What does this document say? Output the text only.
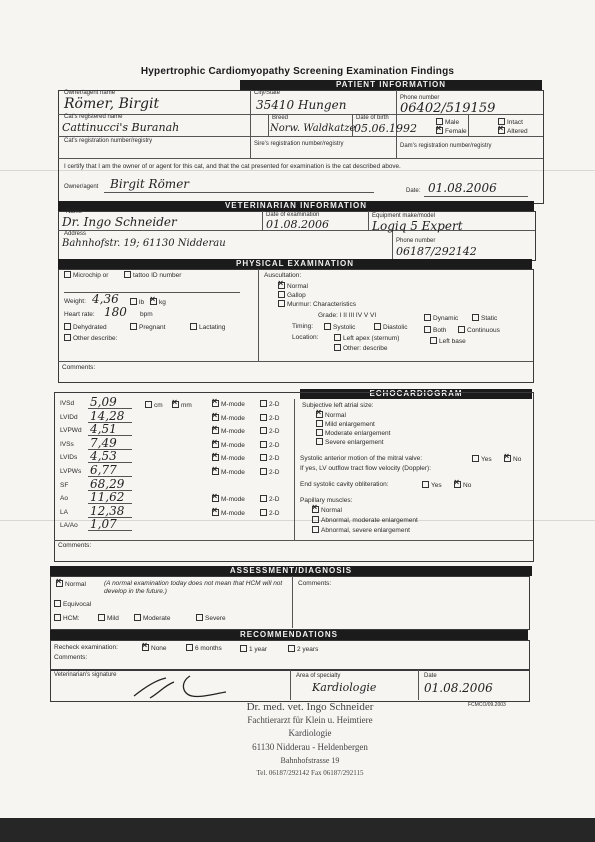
Hypertrophic Cardiomyopathy Screening Examination Findings
PATIENT INFORMATION
Owner/agent name
Römer, Birgit
City/State
35410 Hungen	Phone number
06402/519159
Cat's registered name
Cattinucci's Buranah
Breed
Norw. Waldkatze
Date of birth
05.06.1992	Male
×Female
Intact
×Altered
Cat's registration number/registry	Sire's registration number/registry	Dam's registration number/registry
I certify that I am the owner of or agent for this cat, and that the cat presented for examination is the cat described above.
Owner/agent Birgit Römer	Date: 01.08.2006
VETERINARIAN INFORMATION
Name
Dr. Ingo Schneider	Date of examination
01.08.2006
Equipment make/model
Logiq 5 Expert
Address
Bahnhofstr. 19; 61130 Nidderau	Phone number
06187/292142
PHYSICAL EXAMINATION
Microchip or	tattoo ID number
Weight: 4,36	lb ×	kg
Heart rate: 180 bpm
Dehydrated	Pregnant	Lactating
Other describe:
Auscultation:
×Normal
Gallop
Murmur: Characteristics
Grade: I II III IV V VI	Dynamic	Static
Timing:	Systolic	Diastolic	Both	Continuous
Location:	Left apex (sternum)	Left base
Other: describe
Comments:
ECHOCARDIOGRAM
cm ×	mm
IVSd 5,09 ×	M-mode	2-D
LVIDd 14,28 ×	M-mode	2-D
LVPWd 4,51 ×	M-mode	2-D
IVSs 7,49 ×	M-mode	2-D
LVIDs 4,53 ×	M-mode	2-D
LVPWs 6,77 ×	M-mode	2-D
SF 68,29
Ao 11,62 ×	M-mode	2-D
LA 12,38 ×	M-mode	2-D
LA/Ao 1,07
Subjective left atrial size:
×Normal
Mild enlargement
Moderate enlargement
Severe enlargement
Systolic anterior motion of the mitral valve:	Yes ×	No
If yes, LV outflow tract flow velocity (Doppler):
End systolic cavity obliteration:	Yes ×	No
Papillary muscles:
×Normal
Abnormal, moderate enlargement
Abnormal, severe enlargement
Comments:
ASSESSMENT/DIAGNOSIS
×Normal	(A normal examination today does not mean that HCM will not develop in the future.)
Equivocal
HCM:	Mild	Moderate	Severe
Comments:
RECOMMENDATIONS
Recheck examination: ×	None	6 months	1 year	2 years
Comments:
Veterinarian's signature	Area of specialty
Kardiologie
Date
01.08.2006
FCMCO/09.2003
Dr. med. vet. Ingo Schneider
Fachtierarzt für Klein u. Heimtiere
Kardiologie
61130 Nidderau - Heldenbergen
Bahnhofstrasse 19
Tel. 06187/292142 Fax 06187/292115
